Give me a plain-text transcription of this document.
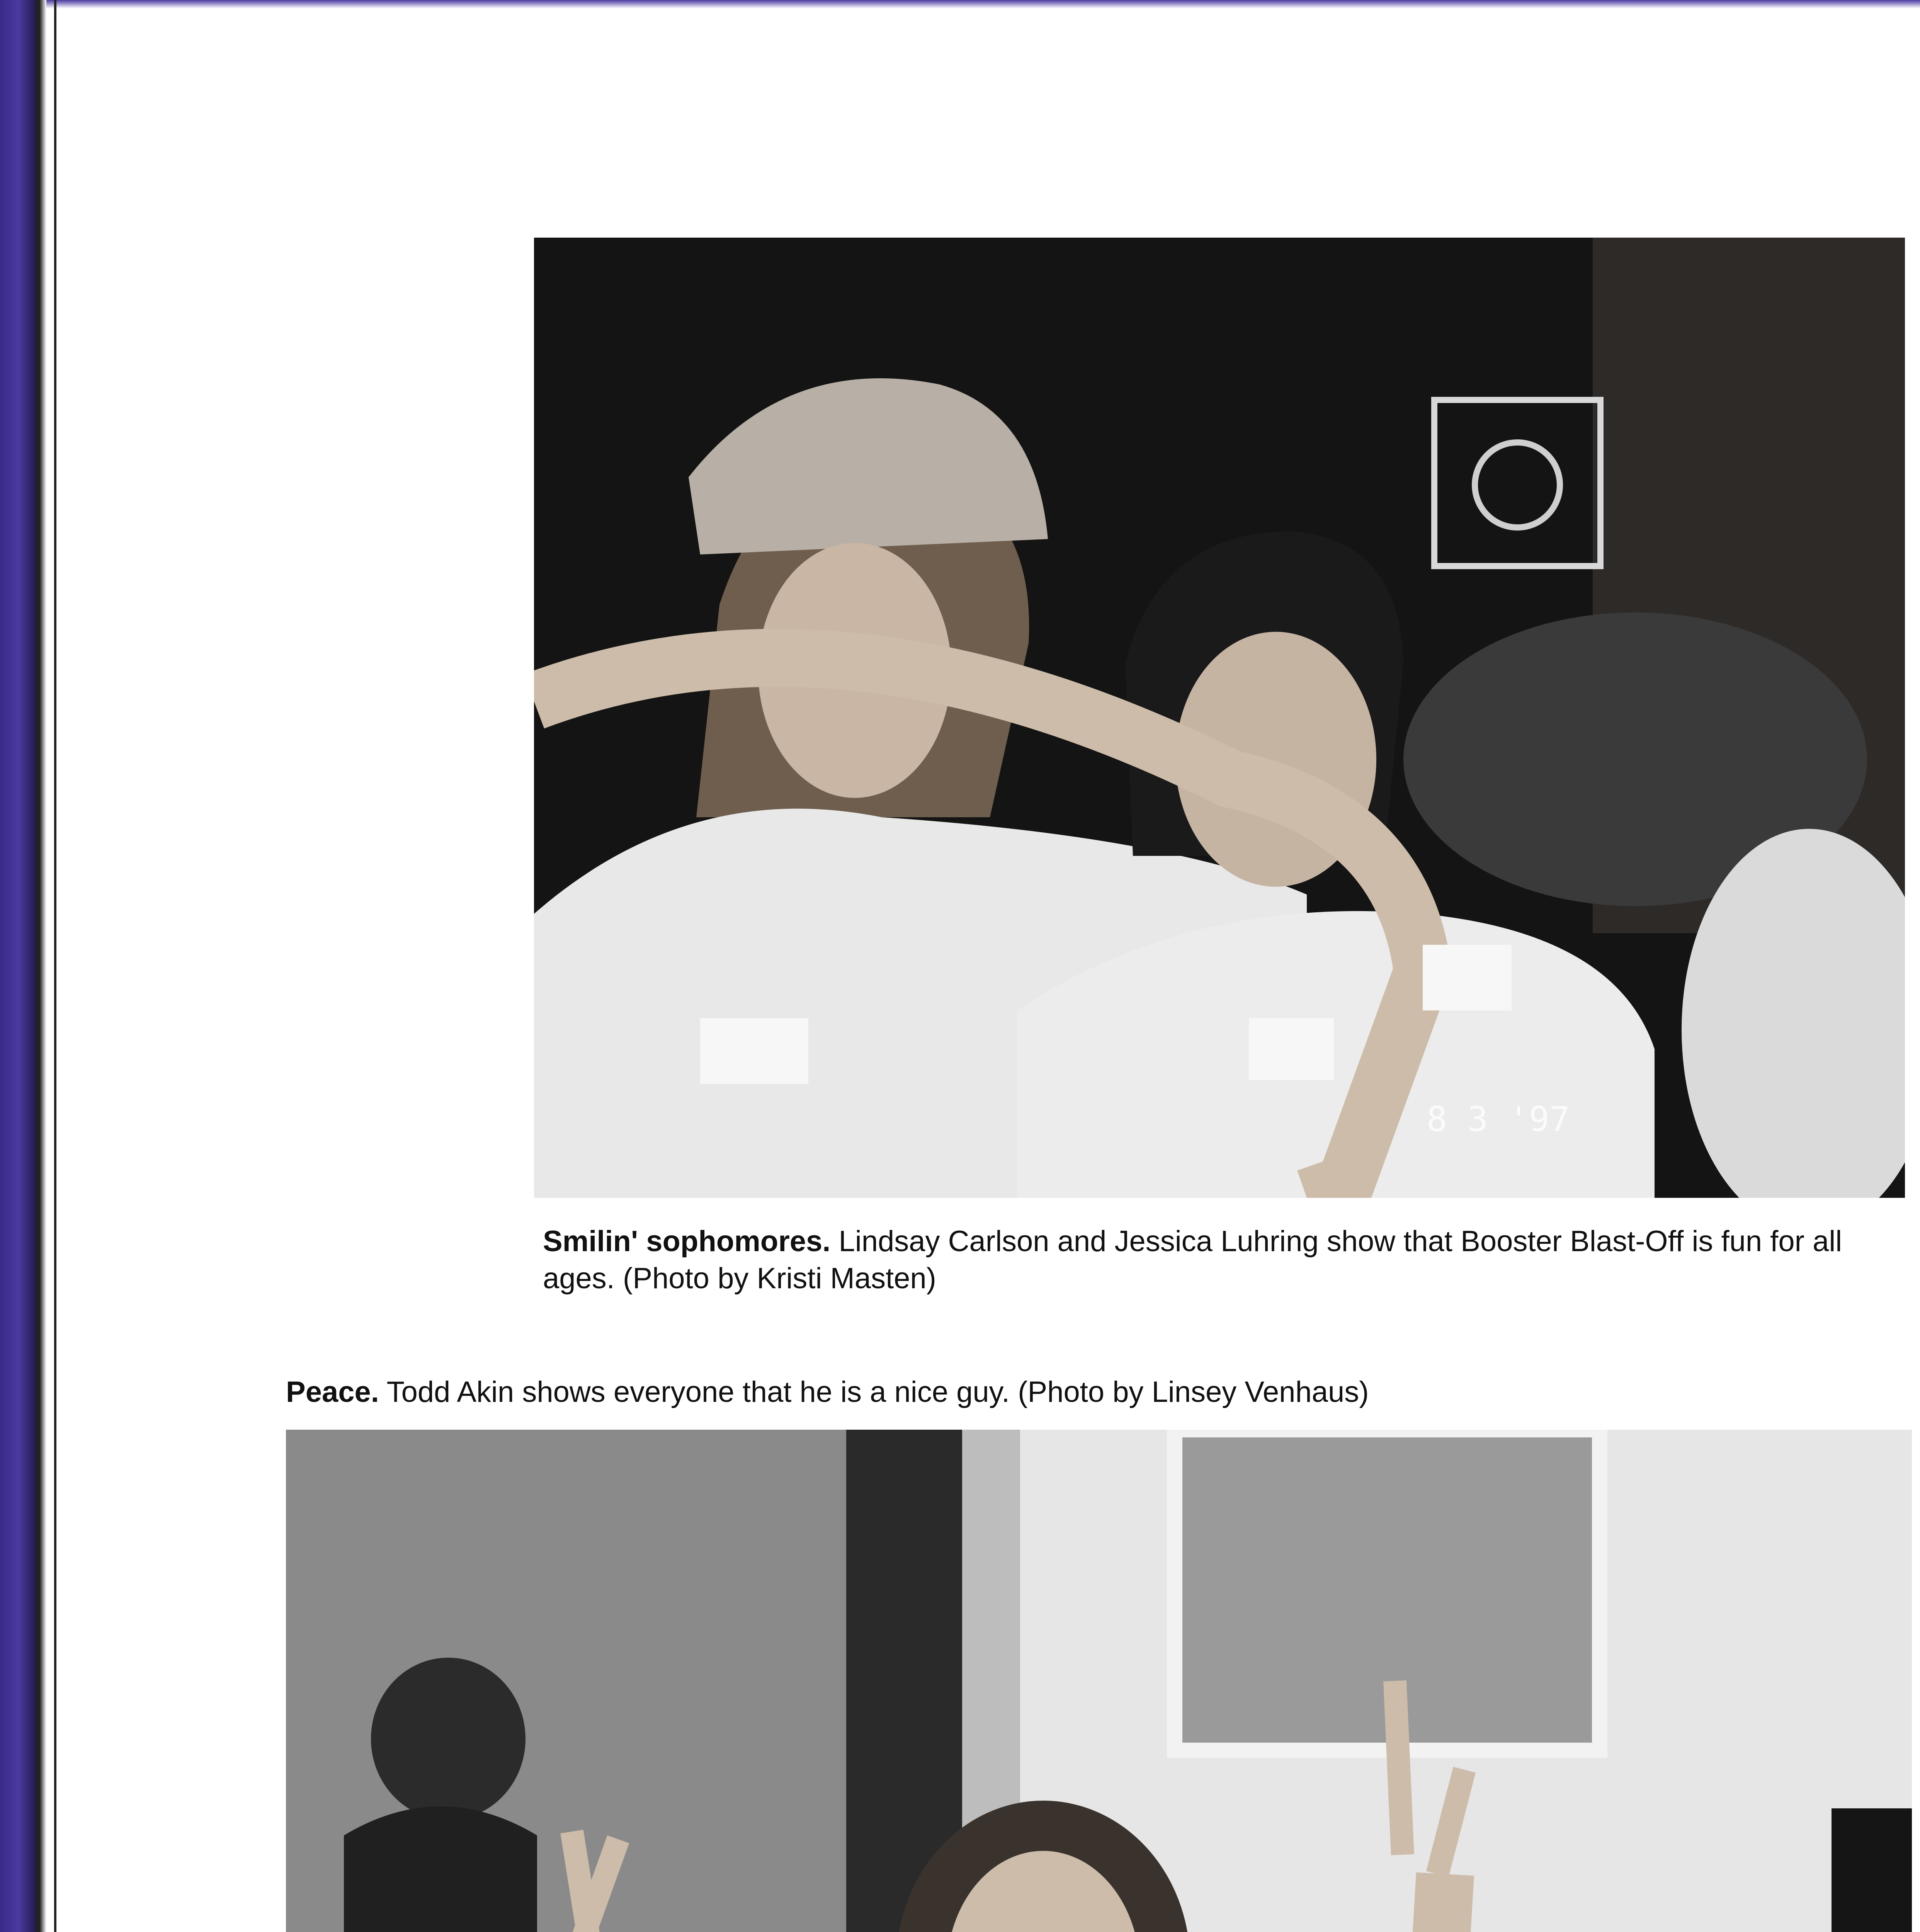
8 3 '97
Smilin' sophomores. Lindsay Carlson and Jessica Luhring show that Booster Blast-Off is fun for all ages. (Photo by Kristi Masten)
Peace. Todd Akin shows everyone that he is a nice guy. (Photo by Linsey Venhaus)
